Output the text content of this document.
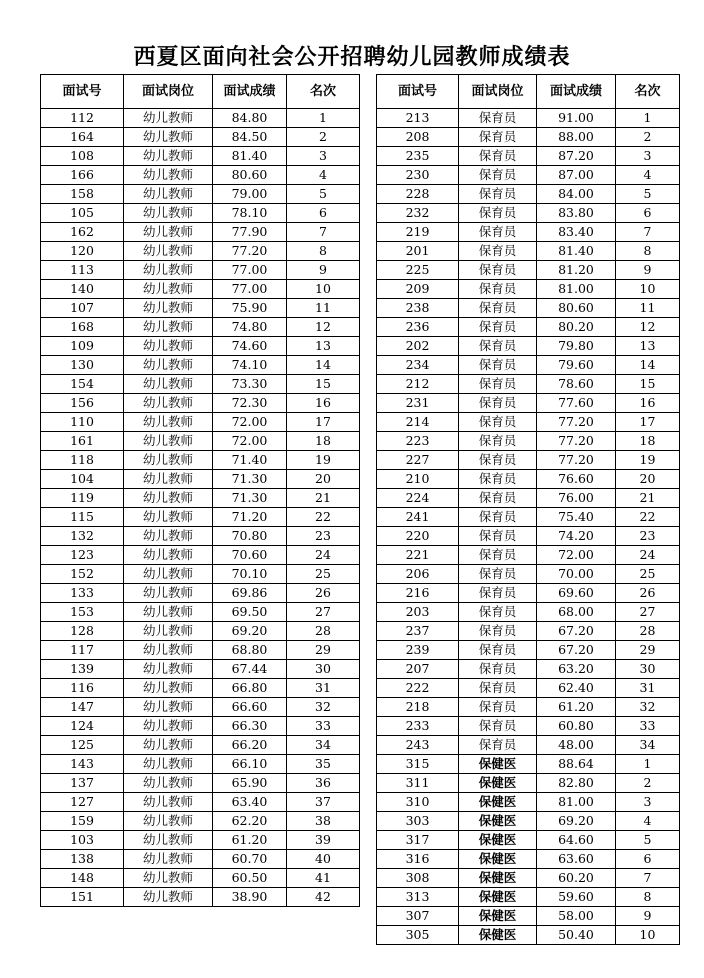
西夏区面向社会公开招聘幼儿园教师成绩表
面试号	面试岗位	面试成绩	名次
112	幼儿教师	84.80	1
164	幼儿教师	84.50	2
108	幼儿教师	81.40	3
166	幼儿教师	80.60	4
158	幼儿教师	79.00	5
105	幼儿教师	78.10	6
162	幼儿教师	77.90	7
120	幼儿教师	77.20	8
113	幼儿教师	77.00	9
140	幼儿教师	77.00	10
107	幼儿教师	75.90	11
168	幼儿教师	74.80	12
109	幼儿教师	74.60	13
130	幼儿教师	74.10	14
154	幼儿教师	73.30	15
156	幼儿教师	72.30	16
110	幼儿教师	72.00	17
161	幼儿教师	72.00	18
118	幼儿教师	71.40	19
104	幼儿教师	71.30	20
119	幼儿教师	71.30	21
115	幼儿教师	71.20	22
132	幼儿教师	70.80	23
123	幼儿教师	70.60	24
152	幼儿教师	70.10	25
133	幼儿教师	69.86	26
153	幼儿教师	69.50	27
128	幼儿教师	69.20	28
117	幼儿教师	68.80	29
139	幼儿教师	67.44	30
116	幼儿教师	66.80	31
147	幼儿教师	66.60	32
124	幼儿教师	66.30	33
125	幼儿教师	66.20	34
143	幼儿教师	66.10	35
137	幼儿教师	65.90	36
127	幼儿教师	63.40	37
159	幼儿教师	62.20	38
103	幼儿教师	61.20	39
138	幼儿教师	60.70	40
148	幼儿教师	60.50	41
151	幼儿教师	38.90	42
面试号	面试岗位	面试成绩	名次
213	保育员	91.00	1
208	保育员	88.00	2
235	保育员	87.20	3
230	保育员	87.00	4
228	保育员	84.00	5
232	保育员	83.80	6
219	保育员	83.40	7
201	保育员	81.40	8
225	保育员	81.20	9
209	保育员	81.00	10
238	保育员	80.60	11
236	保育员	80.20	12
202	保育员	79.80	13
234	保育员	79.60	14
212	保育员	78.60	15
231	保育员	77.60	16
214	保育员	77.20	17
223	保育员	77.20	18
227	保育员	77.20	19
210	保育员	76.60	20
224	保育员	76.00	21
241	保育员	75.40	22
220	保育员	74.20	23
221	保育员	72.00	24
206	保育员	70.00	25
216	保育员	69.60	26
203	保育员	68.00	27
237	保育员	67.20	28
239	保育员	67.20	29
207	保育员	63.20	30
222	保育员	62.40	31
218	保育员	61.20	32
233	保育员	60.80	33
243	保育员	48.00	34
315	保健医	88.64	1
311	保健医	82.80	2
310	保健医	81.00	3
303	保健医	69.20	4
317	保健医	64.60	5
316	保健医	63.60	6
308	保健医	60.20	7
313	保健医	59.60	8
307	保健医	58.00	9
305	保健医	50.40	10
